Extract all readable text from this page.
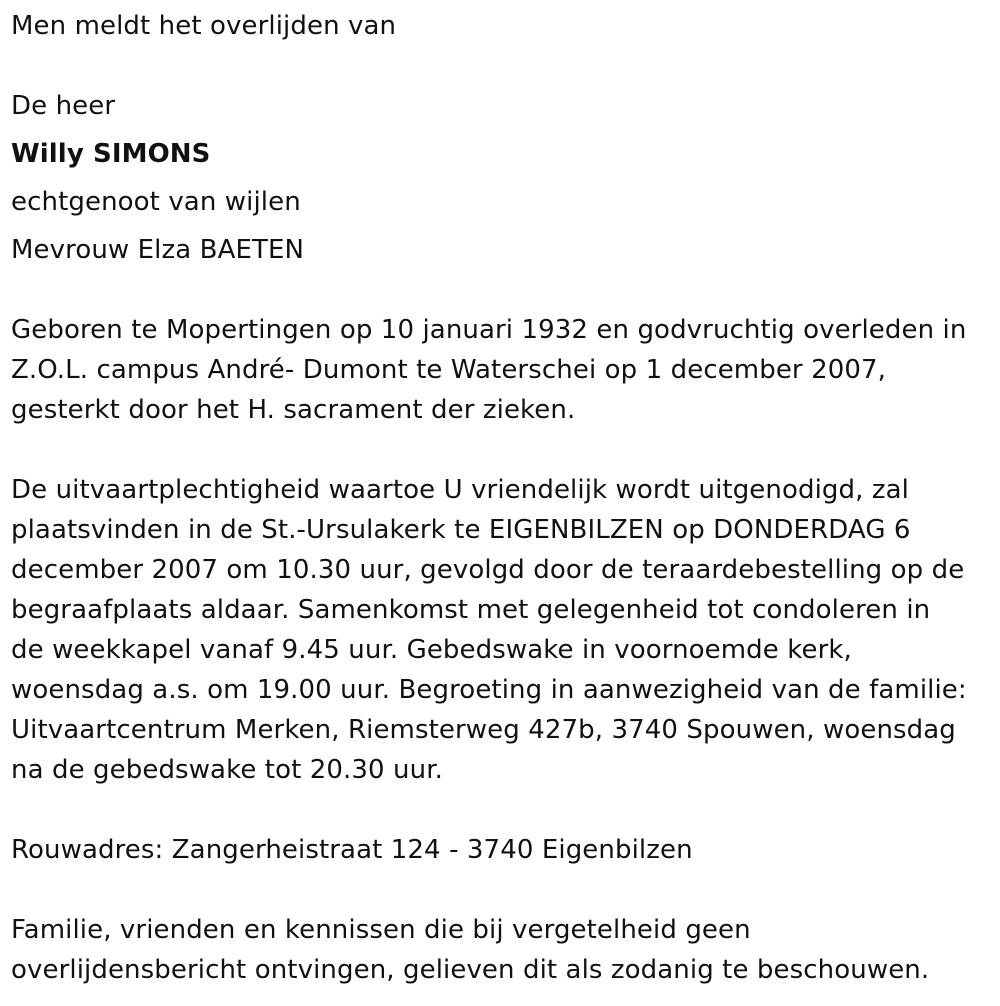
Men meldt het overlijden van
De heer
Willy SIMONS
echtgenoot van wijlen
Mevrouw Elza BAETEN
Geboren te Mopertingen op 10 januari 1932 en godvruchtig overleden in
Z.O.L. campus André- Dumont te Waterschei op 1 december 2007,
gesterkt door het H. sacrament der zieken.
De uitvaartplechtigheid waartoe U vriendelijk wordt uitgenodigd, zal
plaatsvinden in de St.-Ursulakerk te EIGENBILZEN op DONDERDAG 6
december 2007 om 10.30 uur, gevolgd door de teraardebestelling op de
begraafplaats aldaar. Samenkomst met gelegenheid tot condoleren in
de weekkapel vanaf 9.45 uur. Gebedswake in voornoemde kerk,
woensdag a.s. om 19.00 uur. Begroeting in aanwezigheid van de familie:
Uitvaartcentrum Merken, Riemsterweg 427b, 3740 Spouwen, woensdag
na de gebedswake tot 20.30 uur.
Rouwadres: Zangerheistraat 124 - 3740 Eigenbilzen
Familie, vrienden en kennissen die bij vergetelheid geen
overlijdensbericht ontvingen, gelieven dit als zodanig te beschouwen.
